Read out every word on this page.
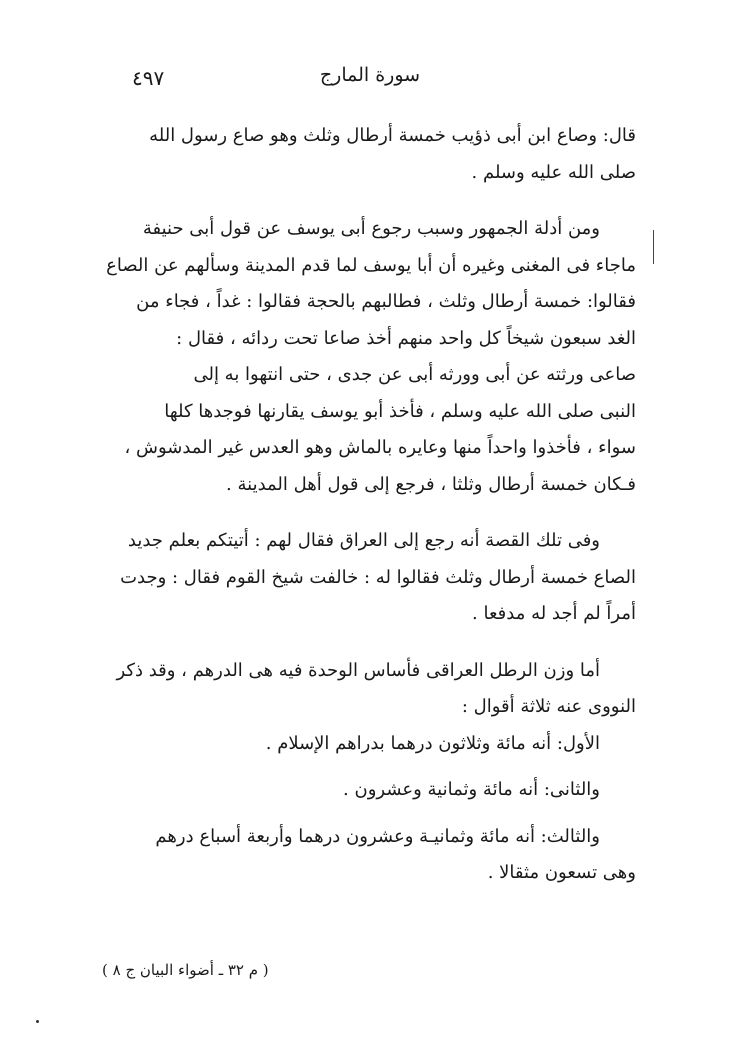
سورة المارج
٤٩٧
قال: وصاع ابن أبى ذؤيب خمسة أرطال وثلث وهو صاع رسول الله
صلى الله عليه وسلم .
ومن أدلة الجمهور وسبب رجوع أبى يوسف عن قول أبى حنيفة
ماجاء فى المغنى وغيره أن أبا يوسف لما قدم المدينة وسألهم عن الصاع
فقالوا: خمسة أرطال وثلث ، فطالبهم بالحجة فقالوا : غداً ، فجاء من
الغد سبعون شيخاً كل واحد منهم أخذ صاعا تحت ردائه ، فقال :
صاعى ورثته عن أبى وورثه أبى عن جدى ، حتى انتهوا به إلى
النبى صلى الله عليه وسلم ، فأخذ أبو يوسف يقارنها فوجدها كلها
سواء ، فأخذوا واحداً منها وعايره بالماش وهو العدس غير المدشوش ،
فـكان خمسة أرطال وثلثا ، فرجع إلى قول أهل المدينة .
وفى تلك القصة أنه رجع إلى العراق فقال لهم : أتيتكم بعلم جديد
الصاع خمسة أرطال وثلث فقالوا له : خالفت شيخ القوم فقال : وجدت
أمراً لم أجد له مدفعا .
أما وزن الرطل العراقى فأساس الوحدة فيه هى الدرهم ، وقد ذكر
النووى عنه ثلاثة أقوال :
الأول: أنه مائة وثلاثون درهما بدراهم الإسلام .
والثانى: أنه مائة وثمانية وعشرون .
والثالث: أنه مائة وثمانيـة وعشرون درهما وأربعة أسباع درهم
وهى تسعون مثقالا .
( م ٣٢ ـ أضواء البيان ج ٨ )
